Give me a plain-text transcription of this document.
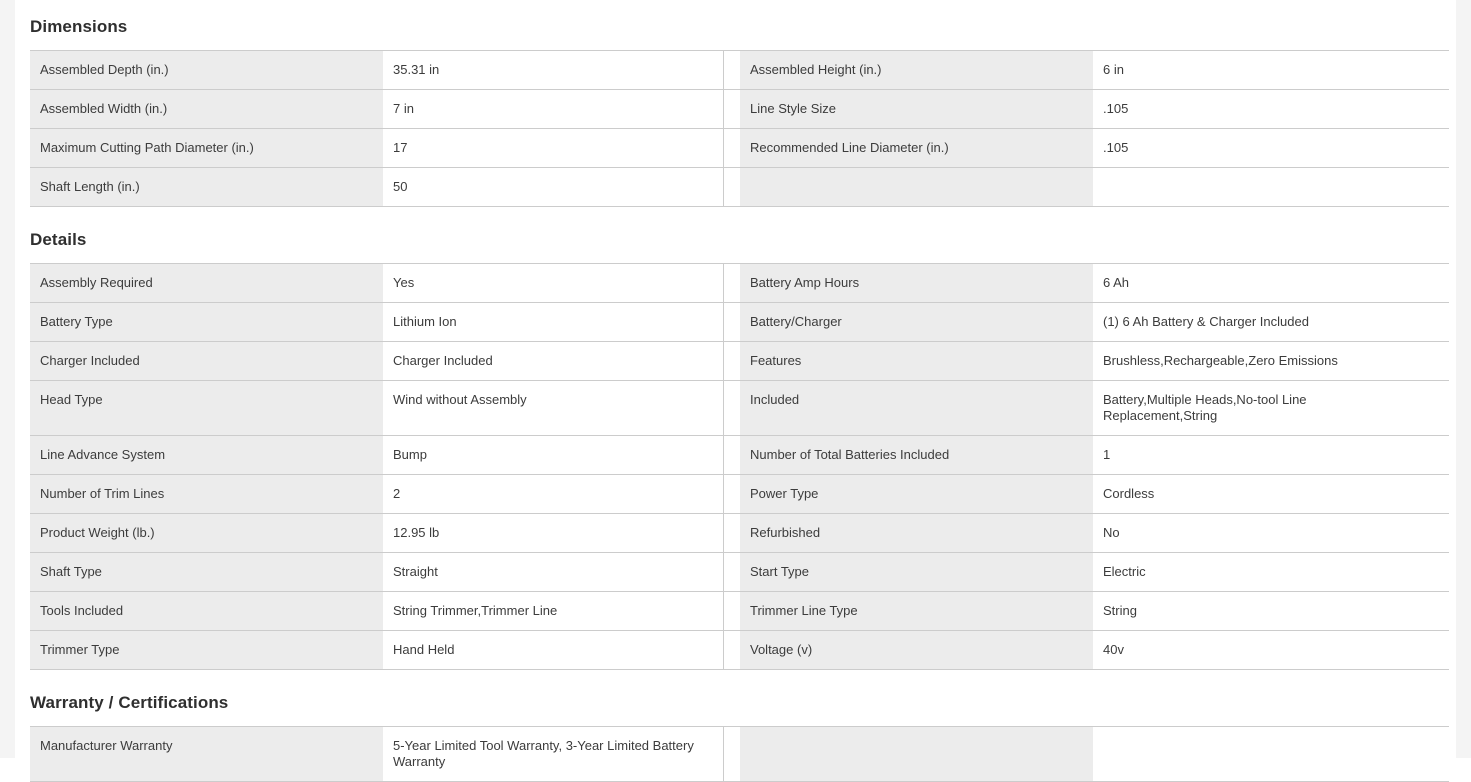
Dimensions
Assembled Depth (in.)	35.31 in	Assembled Height (in.)	6 in
Assembled Width (in.)	7 in	Line Style Size	.105
Maximum Cutting Path Diameter (in.)	17	Recommended Line Diameter (in.)	.105
Shaft Length (in.)	50
Details
Assembly Required	Yes	Battery Amp Hours	6 Ah
Battery Type	Lithium Ion	Battery/Charger	(1) 6 Ah Battery & Charger Included
Charger Included	Charger Included	Features	Brushless,Rechargeable,Zero Emissions
Head Type	Wind without Assembly	Included	Battery,Multiple Heads,No-tool Line Replacement,String
Line Advance System	Bump	Number of Total Batteries Included	1
Number of Trim Lines	2	Power Type	Cordless
Product Weight (lb.)	12.95 lb	Refurbished	No
Shaft Type	Straight	Start Type	Electric
Tools Included	String Trimmer,Trimmer Line	Trimmer Line Type	String
Trimmer Type	Hand Held	Voltage (v)	40v
Warranty / Certifications
Manufacturer Warranty	5-Year Limited Tool Warranty, 3-Year Limited Battery Warranty
